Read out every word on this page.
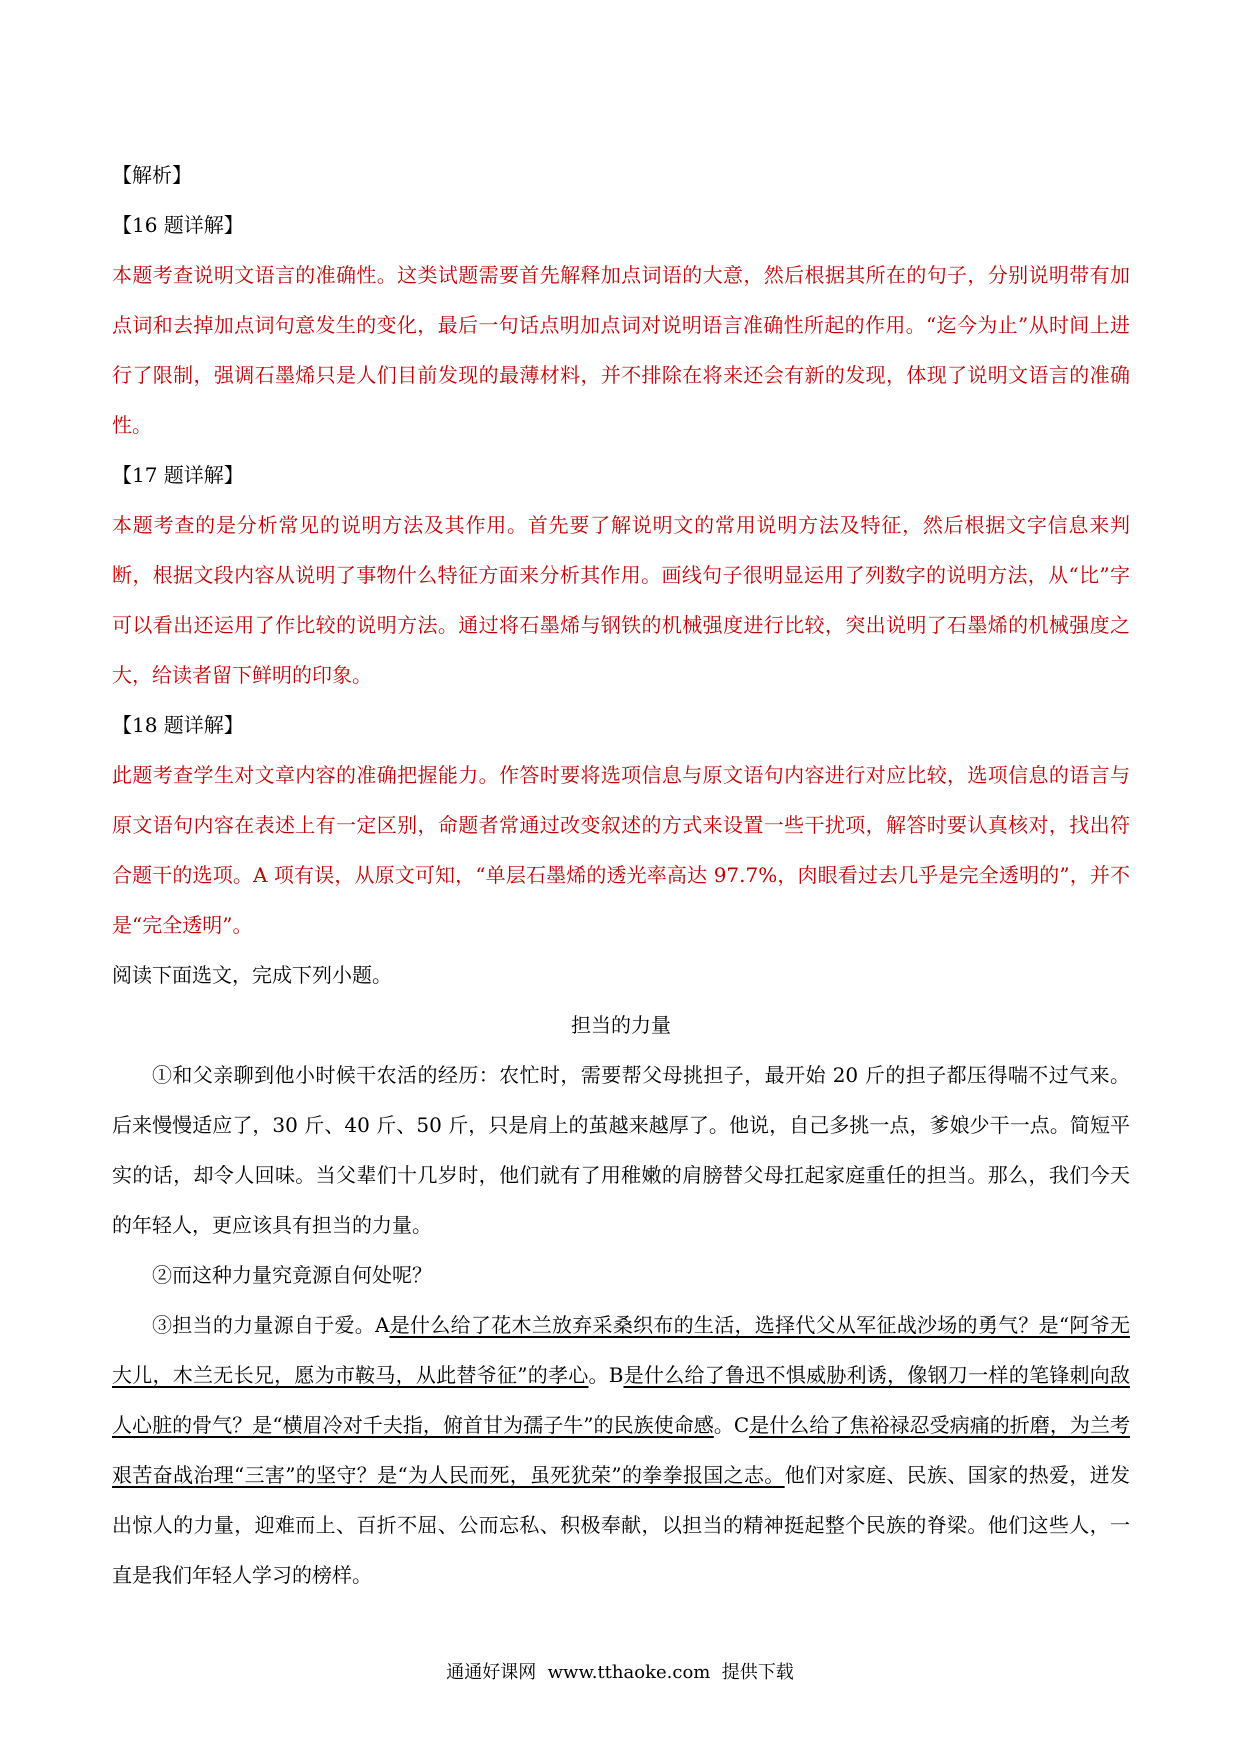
【解析】
【16 题详解】

本题考查说明文语言的准确性。这类试题需要首先解释加点词语的大意，然后根据其所在的句子，分别说明带有加点词和去掉加点词句意发生的变化，最后一句话点明加点词对说明语言准确性所起的作用。“迄今为止”从时间上进行了限制，强调石墨烯只是人们目前发现的最薄材料，并不排除在将来还会有新的发现，体现了说明文语言的准确性。

【17 题详解】

本题考查的是分析常见的说明方法及其作用。首先要了解说明文的常用说明方法及特征，然后根据文字信息来判断，根据文段内容从说明了事物什么特征方面来分析其作用。画线句子很明显运用了列数字的说明方法，从“比”字可以看出还运用了作比较的说明方法。通过将石墨烯与钢铁的机械强度进行比较，突出说明了石墨烯的机械强度之大，给读者留下鲜明的印象。

【18 题详解】

此题考查学生对文章内容的准确把握能力。作答时要将选项信息与原文语句内容进行对应比较，选项信息的语言与原文语句内容在表述上有一定区别，命题者常通过改变叙述的方式来设置一些干扰项，解答时要认真核对，找出符合题干的选项。A 项有误，从原文可知，“单层石墨烯的透光率高达 97.7%，肉眼看过去几乎是完全透明的”，并不是“完全透明”。

阅读下面选文，完成下列小题。
担当的力量

①和父亲聊到他小时候干农活的经历：农忙时，需要帮父母挑担子，最开始 20 斤的担子都压得喘不过气来。后来慢慢适应了，30 斤、40 斤、50 斤，只是肩上的茧越来越厚了。他说，自己多挑一点，爹娘少干一点。简短平实的话，却令人回味。当父辈们十几岁时，他们就有了用稚嫩的肩膀替父母扛起家庭重任的担当。那么，我们今天的年轻人，更应该具有担当的力量。

②而这种力量究竟源自何处呢？

③担当的力量源自于爱。A是什么给了花木兰放弃采桑织布的生活，选择代父从军征战沙场的勇气？是“阿爷无大儿，木兰无长兄，愿为市鞍马，从此替爷征”的孝心。B是什么给了鲁迅不惧威胁利诱，像钢刀一样的笔锋刺向敌人心脏的骨气？是“横眉冷对千夫指，俯首甘为孺子牛”的民族使命感。C是什么给了焦裕禄忍受病痛的折磨，为兰考艰苦奋战治理“三害”的坚守？是“为人民而死，虽死犹荣”的拳拳报国之志。他们对家庭、民族、国家的热爱，迸发出惊人的力量，迎难而上、百折不屈、公而忘私、积极奉献，以担当的精神挺起整个民族的脊梁。他们这些人，一直是我们年轻人学习的榜样。

通通好课网  www.tthaoke.com  提供下载
